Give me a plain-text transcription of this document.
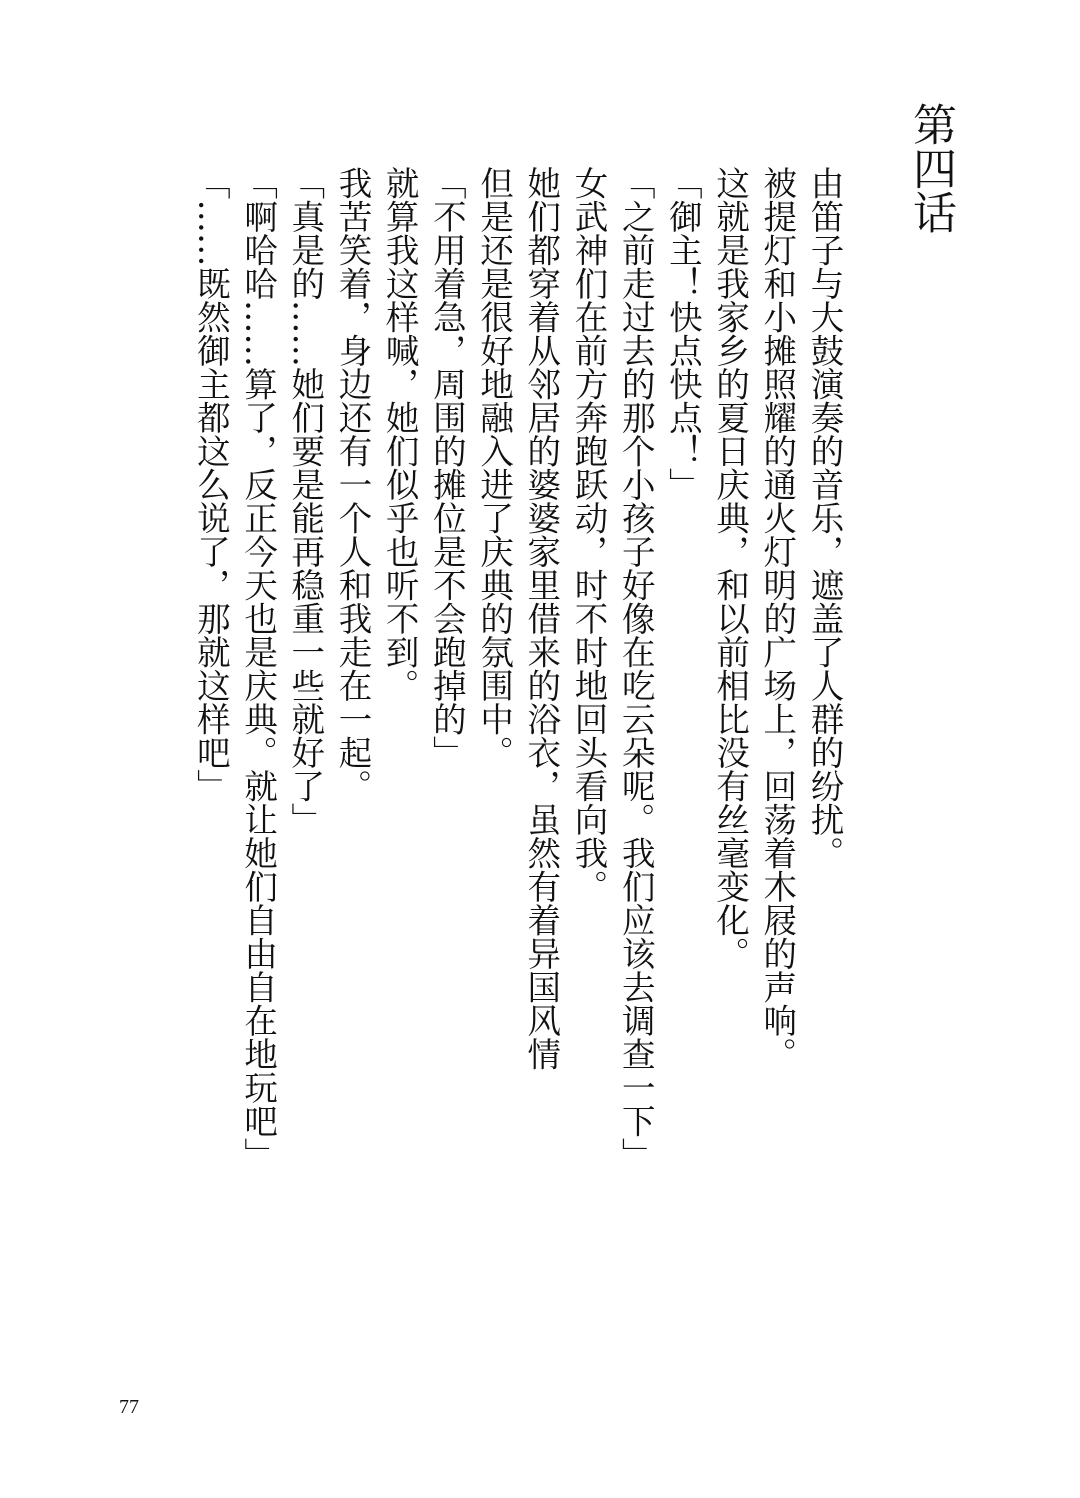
第四话
由笛子与大鼓演奏的音乐，遮盖了人群的纷扰。
被提灯和小摊照耀的通火灯明的广场上，回荡着木屐的声响。
这就是我家乡的夏日庆典，和以前相比没有丝毫变化。
「御主！快点快点！」
「之前走过去的那个小孩子好像在吃云朵呢。我们应该去调查一下」
女武神们在前方奔跑跃动，时不时地回头看向我。
她们都穿着从邻居的婆婆家里借来的浴衣，虽然有着异国风情
但是还是很好地融入进了庆典的氛围中。
「不用着急，周围的摊位是不会跑掉的」
就算我这样喊，她们似乎也听不到。
我苦笑着，身边还有一个人和我走在一起。
「真是的……她们要是能再稳重一些就好了」
「啊哈哈……算了，反正今天也是庆典。就让她们自由自在地玩吧」
「……既然御主都这么说了，那就这样吧」
77
